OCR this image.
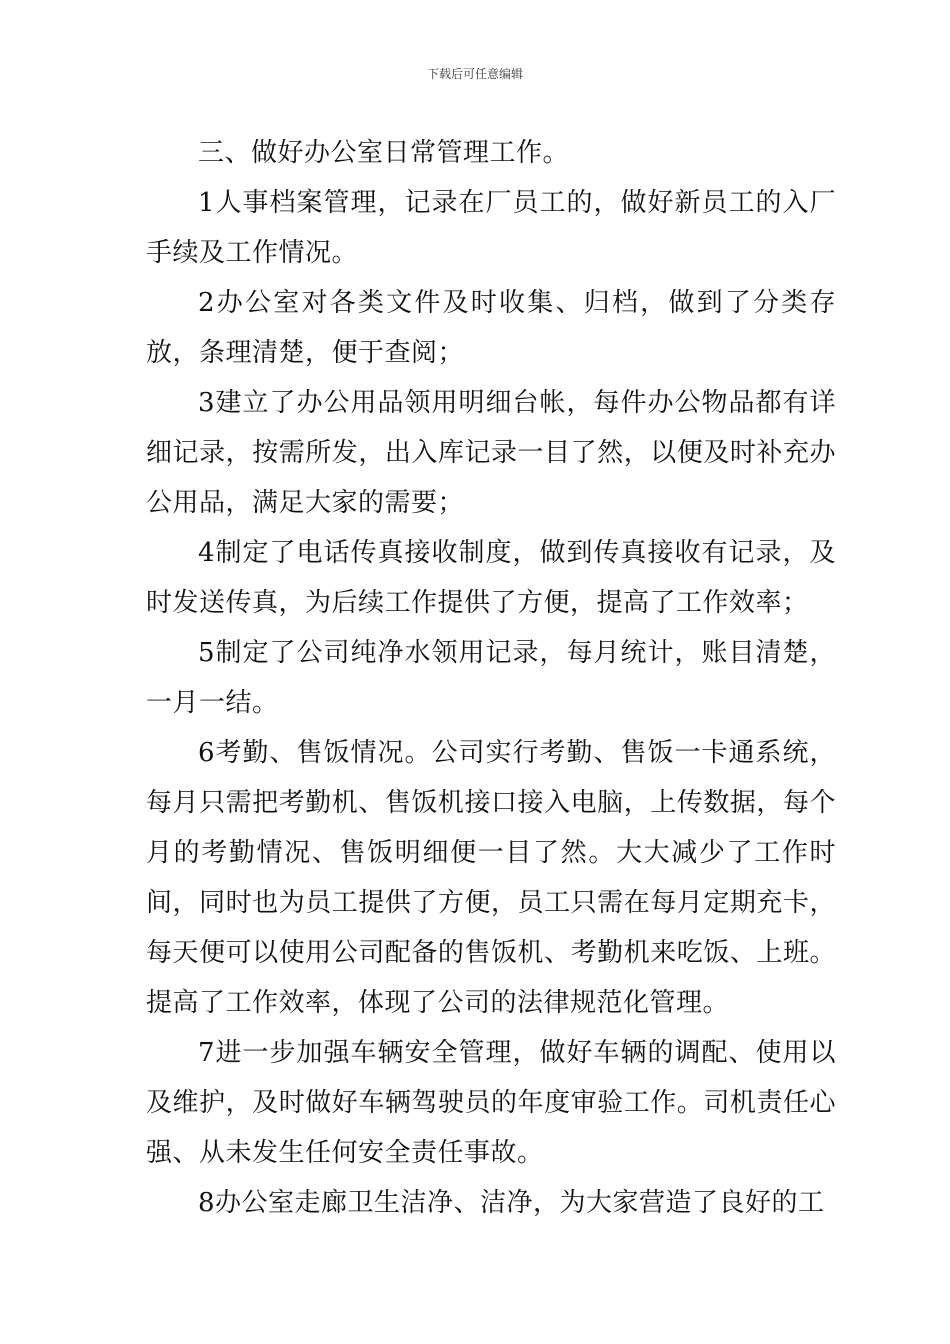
下载后可任意编辑

三、做好办公室日常管理工作。

1人事档案管理，记录在厂员工的，做好新员工的入厂手续及工作情况。

2办公室对各类文件及时收集、归档，做到了分类存放，条理清楚，便于查阅；

3建立了办公用品领用明细台帐，每件办公物品都有详细记录，按需所发，出入库记录一目了然，以便及时补充办公用品，满足大家的需要；

4制定了电话传真接收制度，做到传真接收有记录，及时发送传真，为后续工作提供了方便，提高了工作效率；

5制定了公司纯净水领用记录，每月统计，账目清楚，一月一结。

6考勤、售饭情况。公司实行考勤、售饭一卡通系统，每月只需把考勤机、售饭机接口接入电脑，上传数据，每个月的考勤情况、售饭明细便一目了然。大大减少了工作时间，同时也为员工提供了方便，员工只需在每月定期充卡，每天便可以使用公司配备的售饭机、考勤机来吃饭、上班。提高了工作效率，体现了公司的法律规范化管理。

7进一步加强车辆安全管理，做好车辆的调配、使用以及维护，及时做好车辆驾驶员的年度审验工作。司机责任心强、从未发生任何安全责任事故。

8办公室走廊卫生洁净、洁净，为大家营造了良好的工
